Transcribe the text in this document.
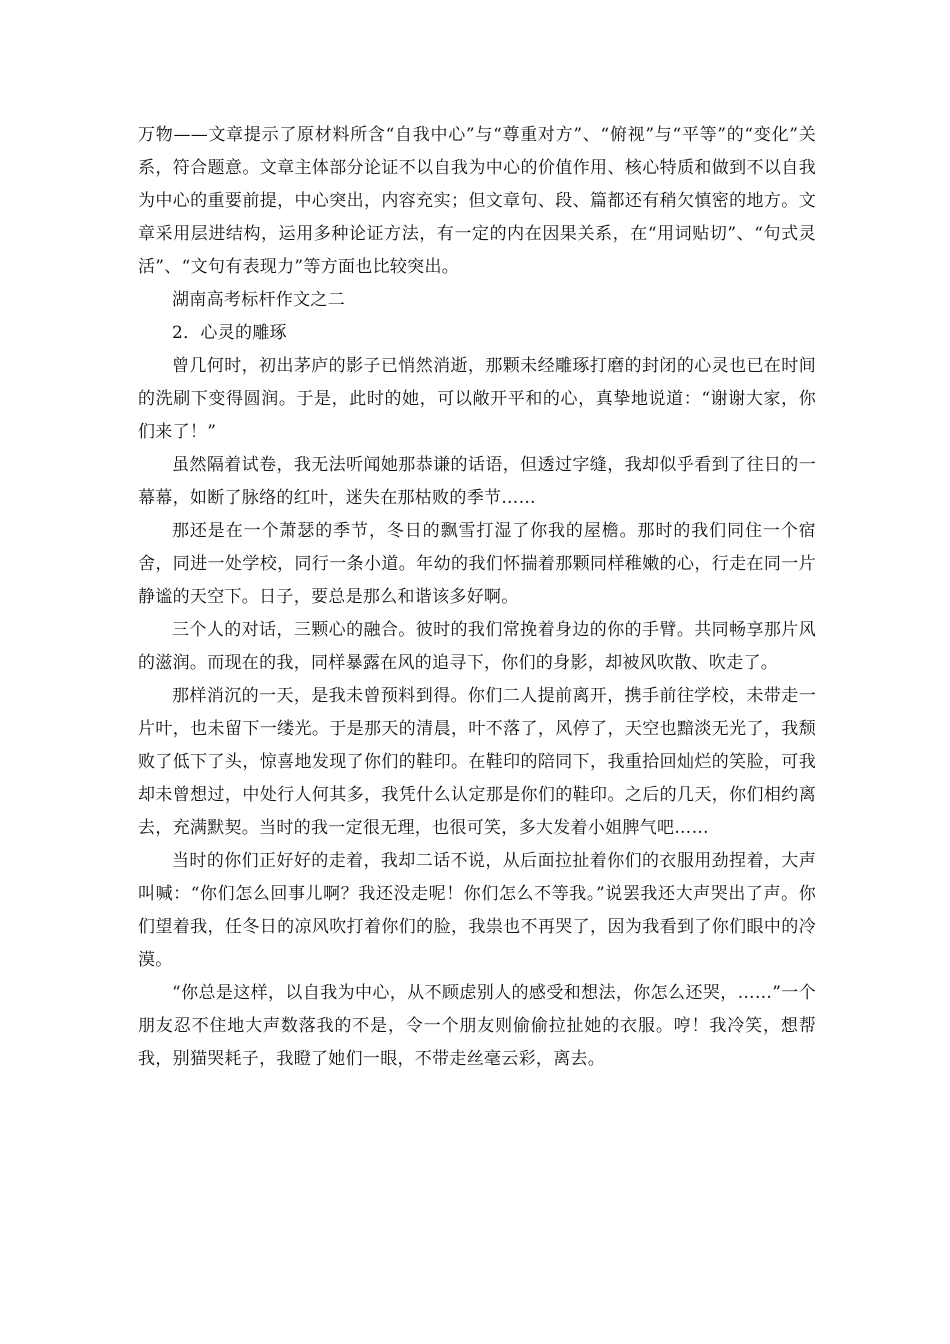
万物——文章提示了原材料所含“自我中心”与“尊重对方”、“俯视”与“平等”的“变化”关系，符合题意。文章主体部分论证不以自我为中心的价值作用、核心特质和做到不以自我为中心的重要前提，中心突出，内容充实；但文章句、段、篇都还有稍欠慎密的地方。文章采用层进结构，运用多种论证方法，有一定的内在因果关系，在“用词贴切”、“句式灵活”、“文句有表现力”等方面也比较突出。

湖南高考标杆作文之二

2．心灵的雕琢

曾几何时，初出茅庐的影子已悄然消逝，那颗未经雕琢打磨的封闭的心灵也已在时间的洗刷下变得圆润。于是，此时的她，可以敞开平和的心，真挚地说道：“谢谢大家，你们来了！”

虽然隔着试卷，我无法听闻她那恭谦的话语，但透过字缝，我却似乎看到了往日的一幕幕，如断了脉络的红叶，迷失在那枯败的季节……

那还是在一个萧瑟的季节，冬日的飘雪打湿了你我的屋檐。那时的我们同住一个宿舍，同进一处学校，同行一条小道。年幼的我们怀揣着那颗同样稚嫩的心，行走在同一片静谧的天空下。日子，要总是那么和谐该多好啊。

三个人的对话，三颗心的融合。彼时的我们常挽着身边的你的手臂。共同畅享那片风的滋润。而现在的我，同样暴露在风的追寻下，你们的身影，却被风吹散、吹走了。

那样消沉的一天，是我未曾预料到得。你们二人提前离开，携手前往学校，未带走一片叶，也未留下一缕光。于是那天的清晨，叶不落了，风停了，天空也黯淡无光了，我颓败了低下了头，惊喜地发现了你们的鞋印。在鞋印的陪同下，我重拾回灿烂的笑脸，可我却未曾想过，中处行人何其多，我凭什么认定那是你们的鞋印。之后的几天，你们相约离去，充满默契。当时的我一定很无理，也很可笑，多大发着小姐脾气吧……

当时的你们正好好的走着，我却二话不说，从后面拉扯着你们的衣服用劲捏着，大声叫喊：“你们怎么回事儿啊？我还没走呢！你们怎么不等我。”说罢我还大声哭出了声。你们望着我，任冬日的凉风吹打着你们的脸，我祟也不再哭了，因为我看到了你们眼中的冷漠。

“你总是这样，以自我为中心，从不顾虑别人的感受和想法，你怎么还哭，……”一个朋友忍不住地大声数落我的不是，令一个朋友则偷偷拉扯她的衣服。哼！我冷笑，想帮我，别猫哭耗子，我瞪了她们一眼，不带走丝毫云彩，离去。
